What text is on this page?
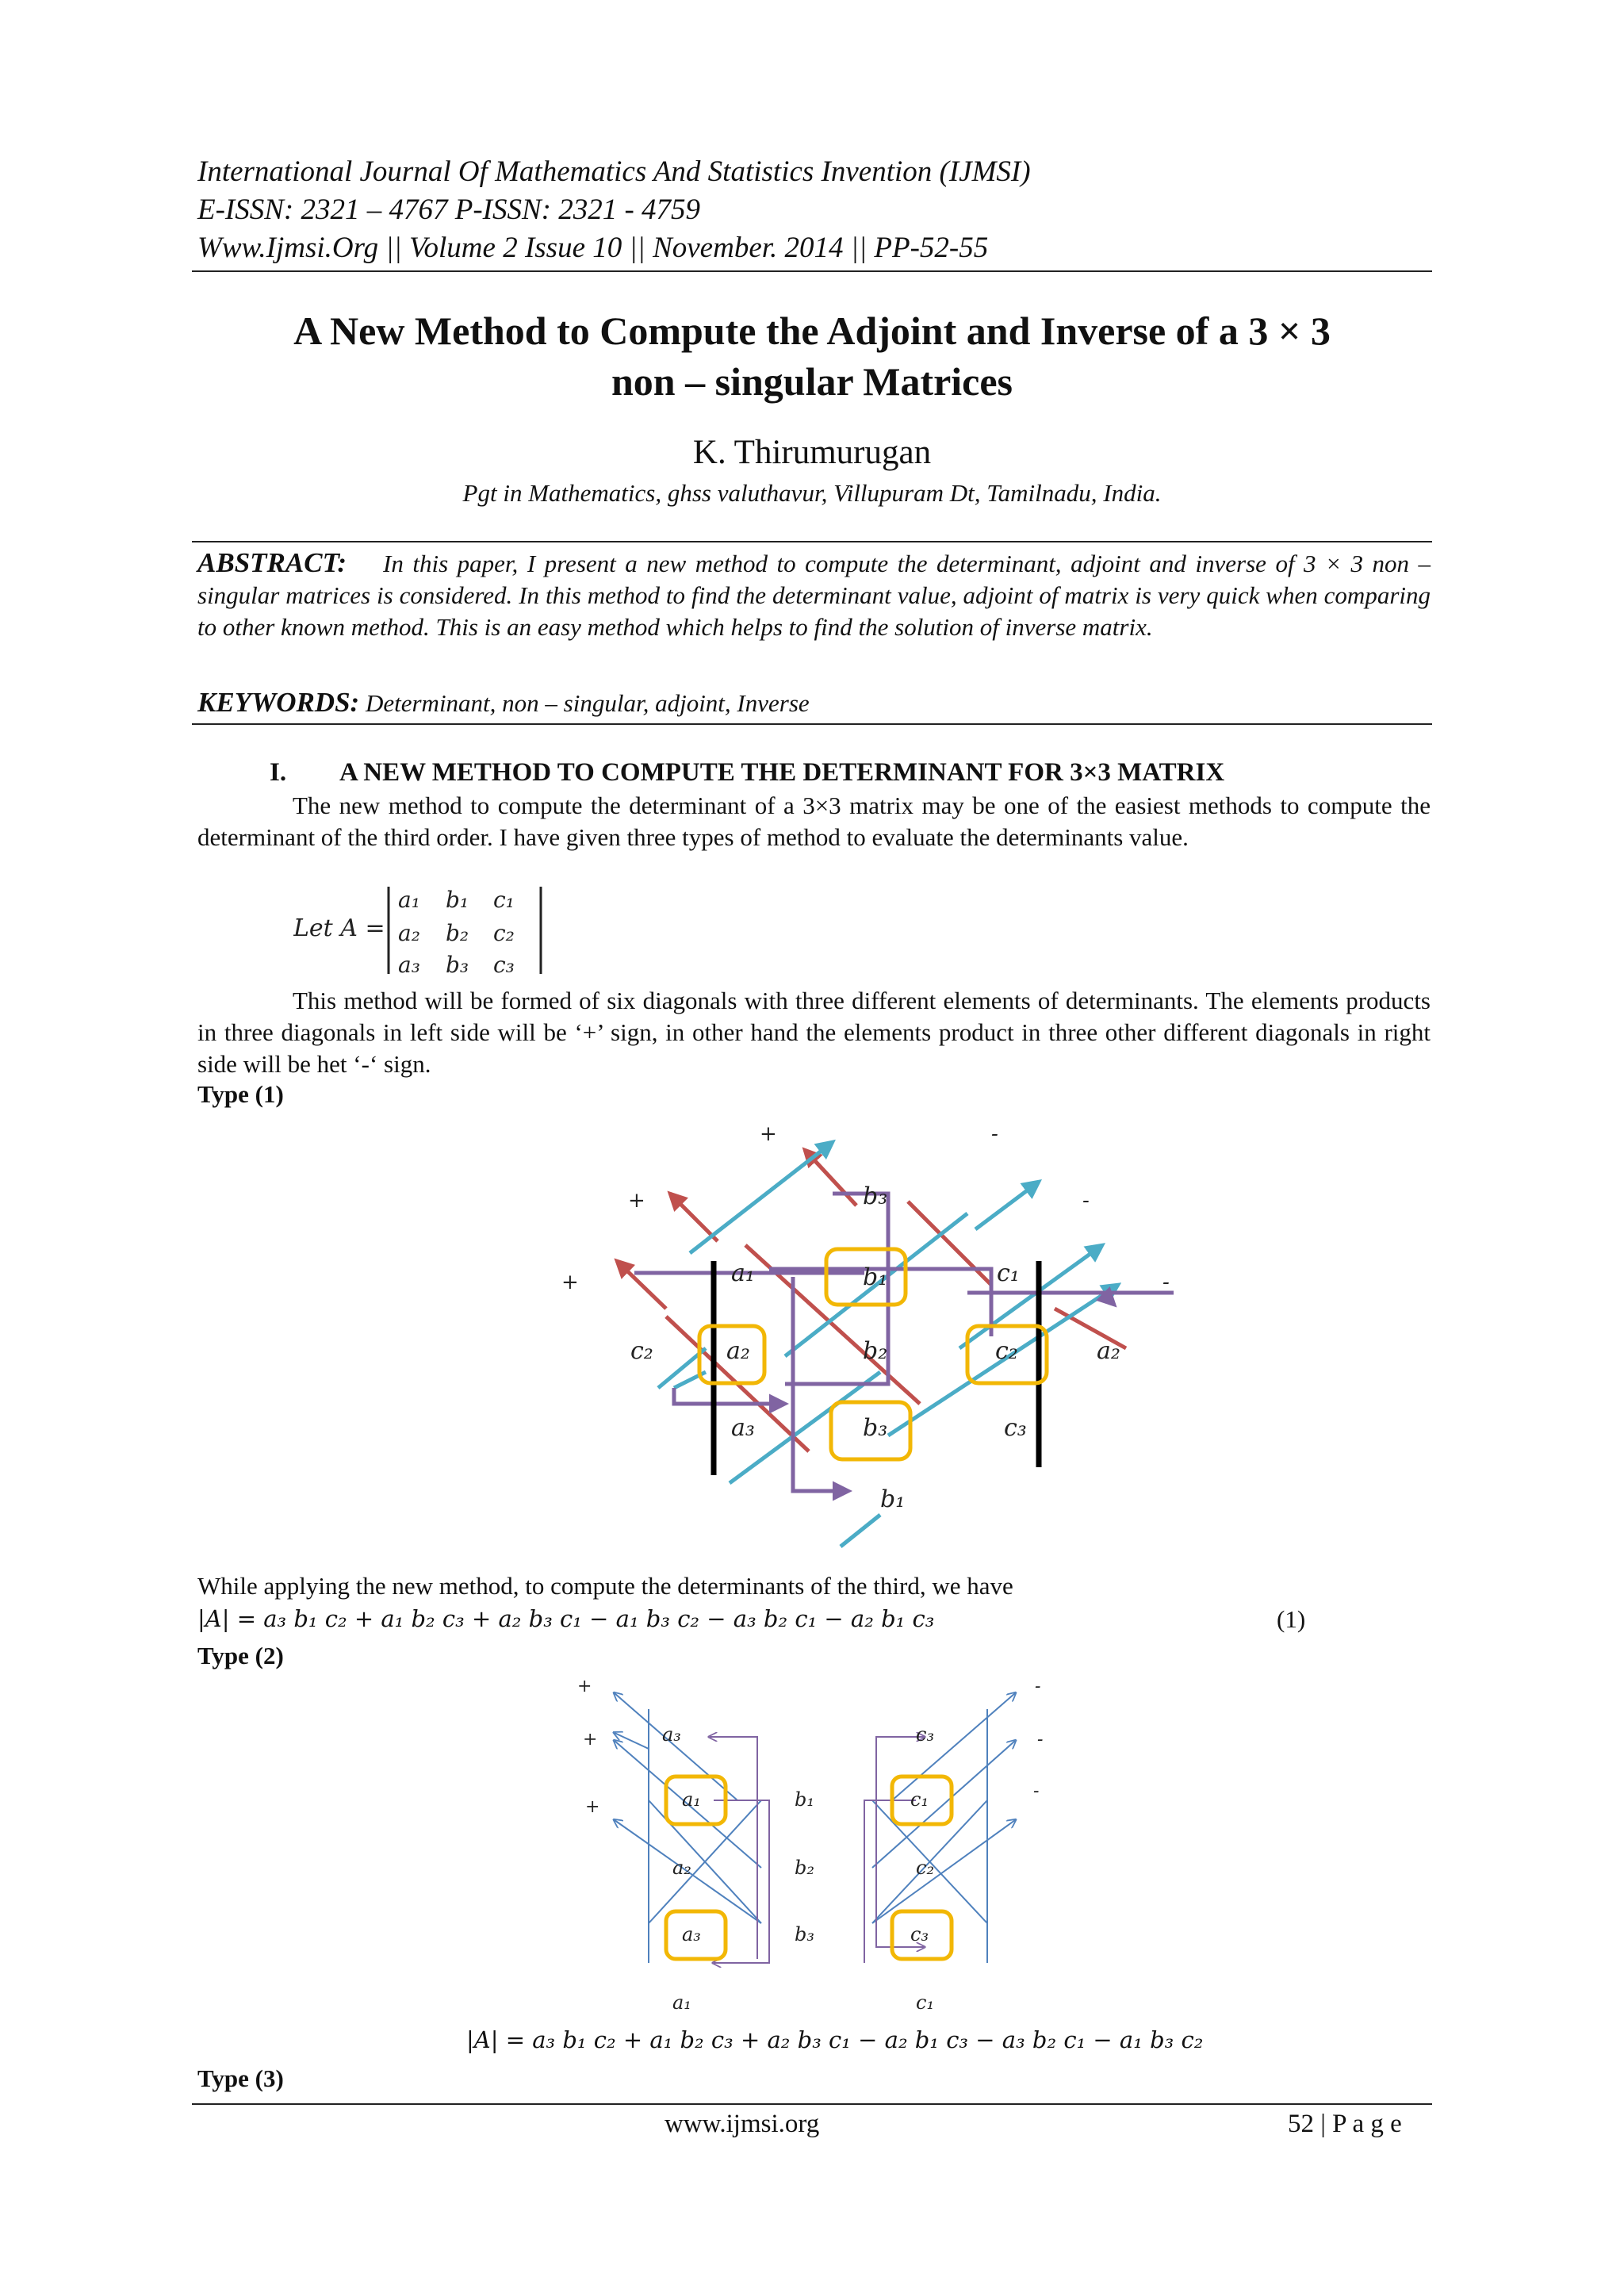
International Journal Of Mathematics And Statistics Invention (IJMSI)
E-ISSN: 2321 – 4767 P-ISSN: 2321 - 4759
Www.Ijmsi.Org || Volume 2 Issue 10 || November. 2014 || PP-52-55
A New Method to Compute the Adjoint and Inverse of a 3 × 3
non – singular Matrices
K. Thirumurugan
Pgt in Mathematics, ghss valuthavur, Villupuram Dt, Tamilnadu, India.
ABSTRACT: In this paper, I present a new method to compute the determinant, adjoint and inverse of 3 × 3 non – singular matrices is considered. In this method to find the determinant value, adjoint of matrix is very quick when comparing to other known method. This is an easy method which helps to find the solution of inverse matrix.
KEYWORDS: Determinant, non – singular, adjoint, Inverse
I. A NEW METHOD TO COMPUTE THE DETERMINANT FOR 3×3 MATRIX
The new method to compute the determinant of a 3×3 matrix may be one of the easiest methods to compute the determinant of the third order. I have given three types of method to evaluate the determinants value.
Let A =
a₁ b₁ c₁
a₂ b₂ c₂
a₃ b₃ c₃
This method will be formed of six diagonals with three different elements of determinants. The elements products in three diagonals in left side will be ‘+’ sign, in other hand the elements product in three other different diagonals in right side will be het ‘-‘ sign.
Type (1)
+
+
+
-
-
-
b₃
a₁	b₁	c₁
c₂	a₂	b₂	c₂	a₂
a₃	b₃	c₃
b₁
While applying the new method, to compute the determinants of the third, we have
|A| = a₃ b₁ c₂ + a₁ b₂ c₃ + a₂ b₃ c₁ − a₁ b₃ c₂ − a₃ b₂ c₁ − a₂ b₁ c₃	(1)
Type (2)
+
+
+
-
-
-
a₃
a₁
a₂
a₃
a₁
b₁
b₂
b₃
c₃
c₁
c₂
c₃
c₁
|A| = a₃ b₁ c₂ + a₁ b₂ c₃ + a₂ b₃ c₁ − a₂ b₁ c₃ − a₃ b₂ c₁ − a₁ b₃ c₂
Type (3)
www.ijmsi.org	52 | P a g e
